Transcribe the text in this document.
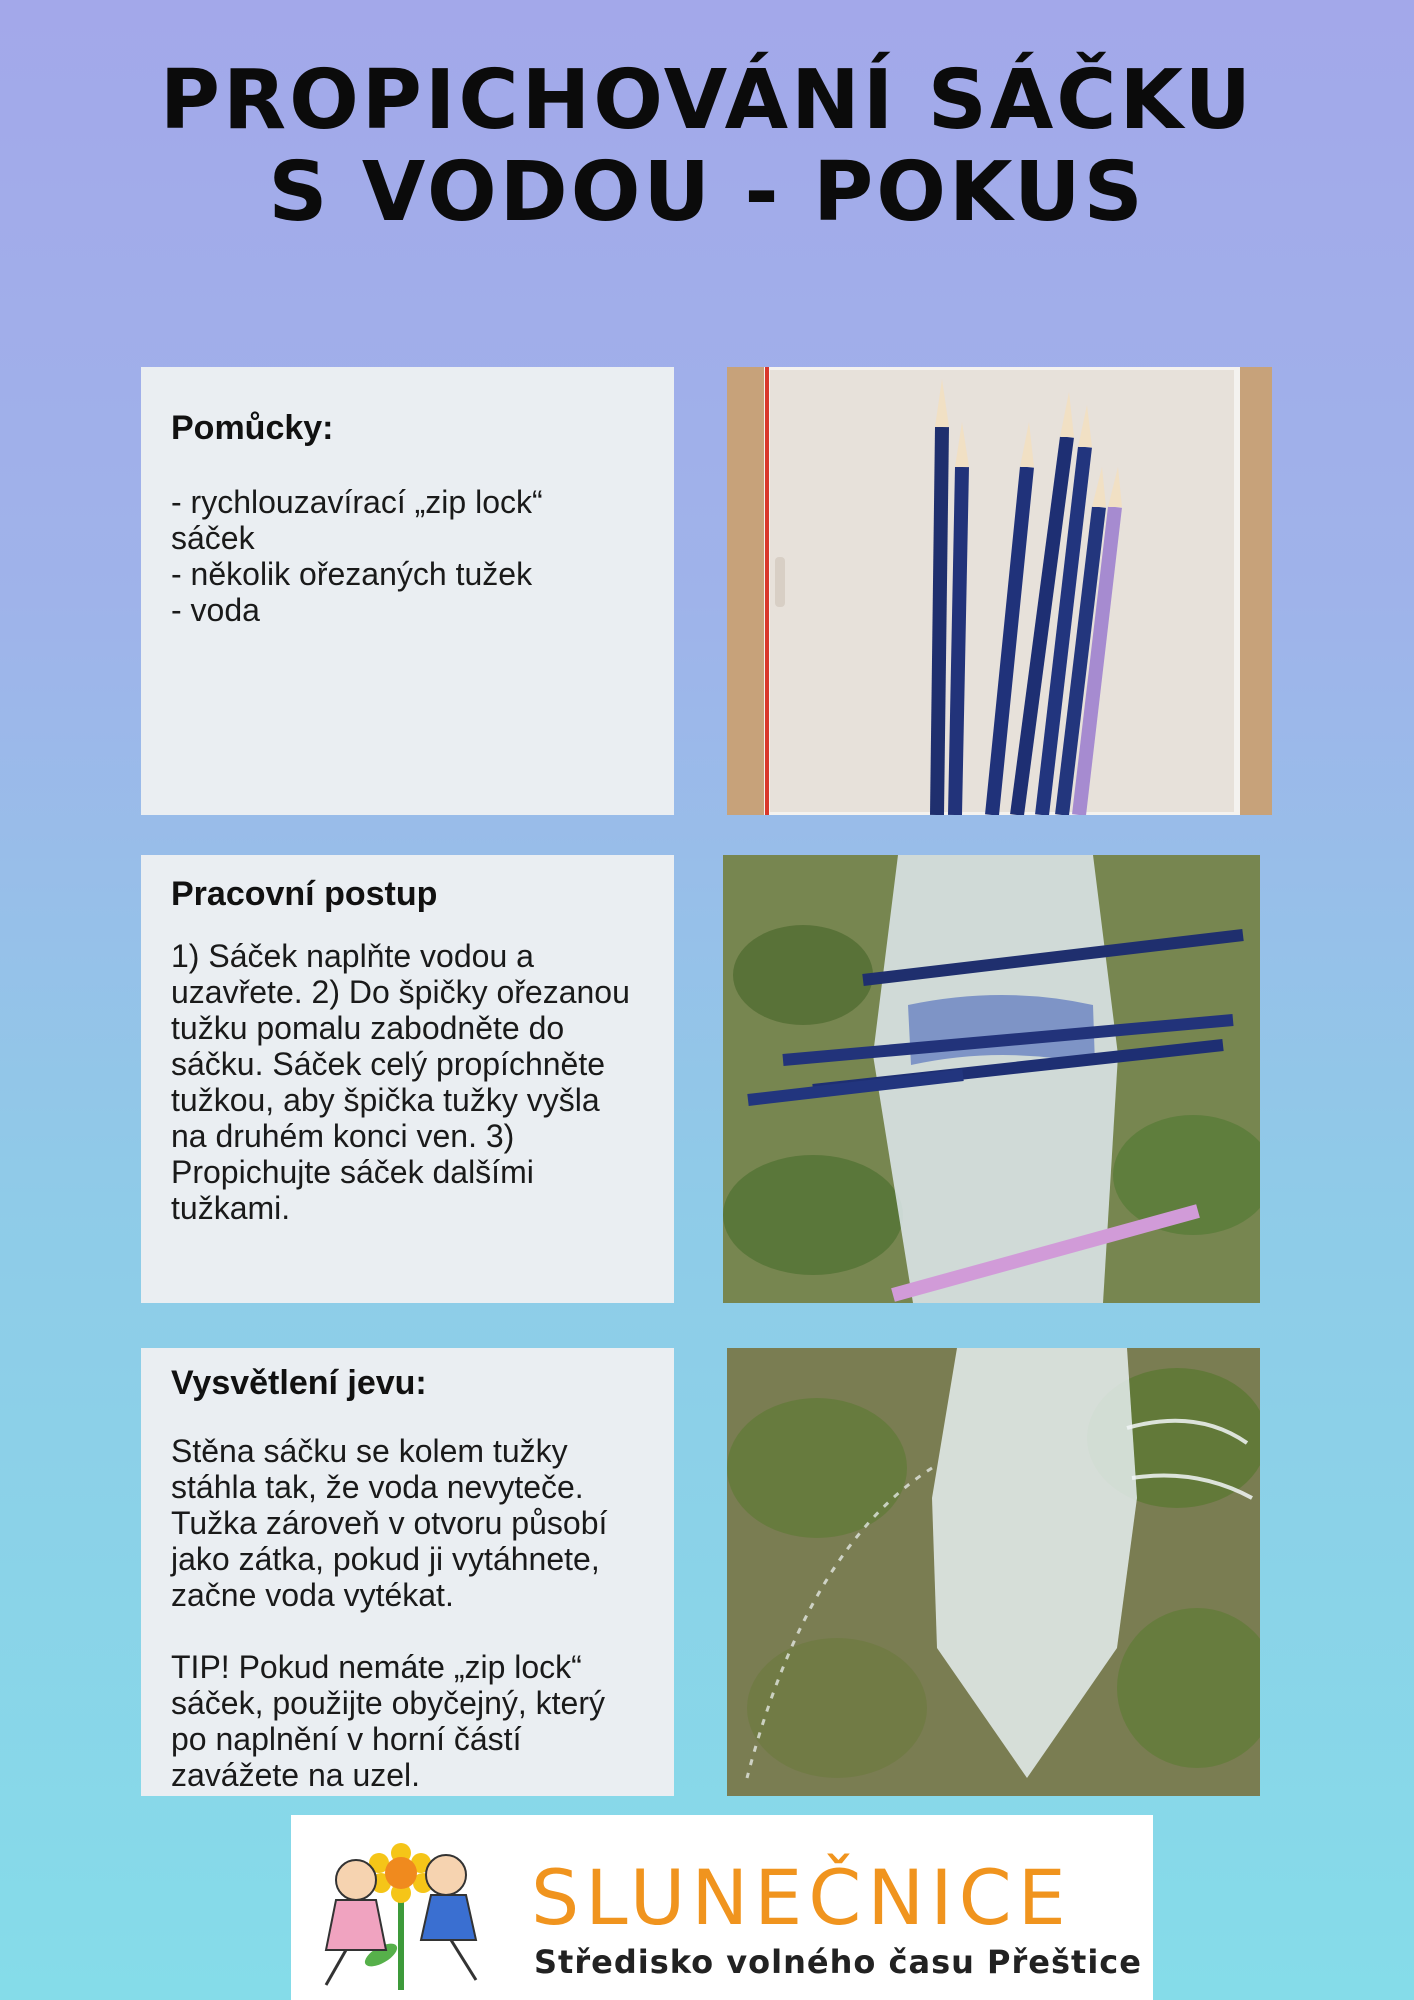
PROPICHOVÁNÍ SÁČKU
S VODOU - POKUS
Pomůcky:

- rychlouzavírací „zip lock“ sáček

- několik ořezaných tužek

- voda

Pracovní postup

1) Sáček naplňte vodou a uzavřete. 2) Do špičky ořezanou tužku pomalu zabodněte do sáčku. Sáček celý propíchněte tužkou, aby špička tužky vyšla na druhém konci ven. 3) Propichujte sáček dalšími tužkami.

Vysvětlení jevu:

Stěna sáčku se kolem tužky stáhla tak, že voda nevyteče. Tužka zároveň v otvoru působí jako zátka, pokud ji vytáhnete, začne voda vytékat.

TIP! Pokud nemáte „zip lock“ sáček, použijte obyčejný, který po naplnění v horní částí zavážete na uzel.

SLUNEČNICE
Středisko volného času Přeštice
